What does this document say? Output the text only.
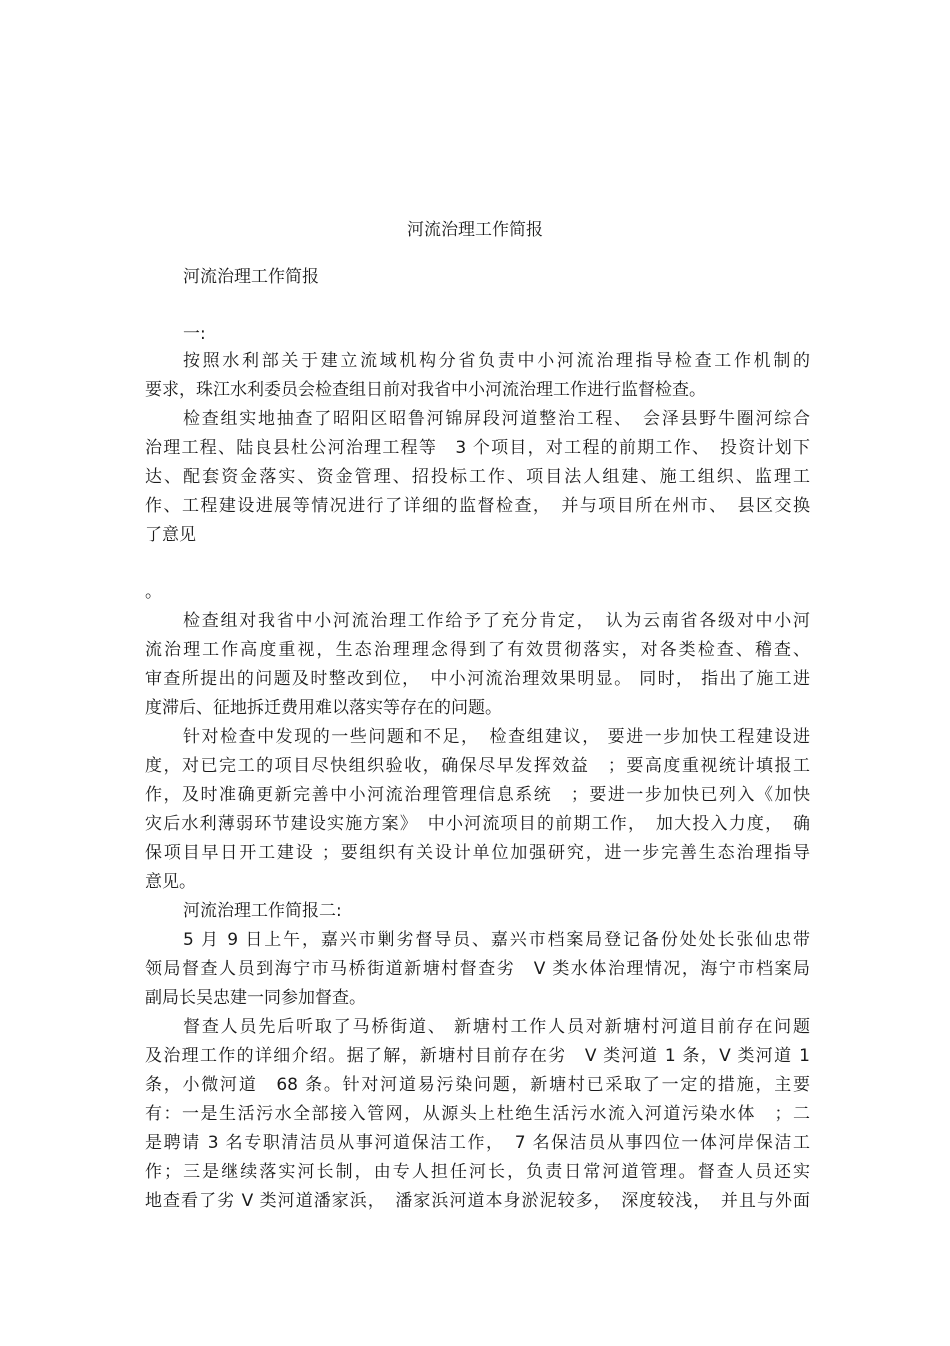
河流治理工作简报
河流治理工作简报
一:
按照水利部关于建立流域机构分省负责中小河流治理指导检查工作机制的
要求，珠江水利委员会检查组日前对我省中小河流治理工作进行监督检查。
检查组实地抽查了昭阳区昭鲁河锦屏段河道整治工程、　会泽县野牛圈河综合
治理工程、陆良县杜公河治理工程等　3 个项目，对工程的前期工作、　投资计划下
达、配套资金落实、资金管理、招投标工作、项目法人组建、施工组织、监理工
作、工程建设进展等情况进行了详细的监督检查，　并与项目所在州市、　县区交换
了意见
。
检查组对我省中小河流治理工作给予了充分肯定，　认为云南省各级对中小河
流治理工作高度重视，生态治理理念得到了有效贯彻落实，对各类检查、稽查、
审查所提出的问题及时整改到位，　中小河流治理效果明显。 同时， 指出了施工进
度滞后、征地拆迁费用难以落实等存在的问题。
针对检查中发现的一些问题和不足，　检查组建议， 要进一步加快工程建设进
度，对已完工的项目尽快组织验收，确保尽早发挥效益　；要高度重视统计填报工
作，及时准确更新完善中小河流治理管理信息系统　；要进一步加快已列入《加快
灾后水利薄弱环节建设实施方案》　中小河流项目的前期工作，　加大投入力度，　确
保项目早日开工建设 ；要组织有关设计单位加强研究，进一步完善生态治理指导
意见。
河流治理工作简报二:
5 月 9 日上午，嘉兴市剿劣督导员、嘉兴市档案局登记备份处处长张仙忠带
领局督查人员到海宁市马桥街道新塘村督查劣　V 类水体治理情况，海宁市档案局
副局长吴忠建一同参加督查。
督查人员先后听取了马桥街道、 新塘村工作人员对新塘村河道目前存在问题
及治理工作的详细介绍。据了解，新塘村目前存在劣　V 类河道 1 条，V 类河道 1
条，小微河道　68 条。针对河道易污染问题，新塘村已采取了一定的措施，主要
有：一是生活污水全部接入管网，从源头上杜绝生活污水流入河道污染水体　；二
是聘请 3 名专职清洁员从事河道保洁工作，　7 名保洁员从事四位一体河岸保洁工
作；三是继续落实河长制，由专人担任河长，负责日常河道管理。督查人员还实
地查看了劣 V 类河道潘家浜，　潘家浜河道本身淤泥较多，　深度较浅，　并且与外面
